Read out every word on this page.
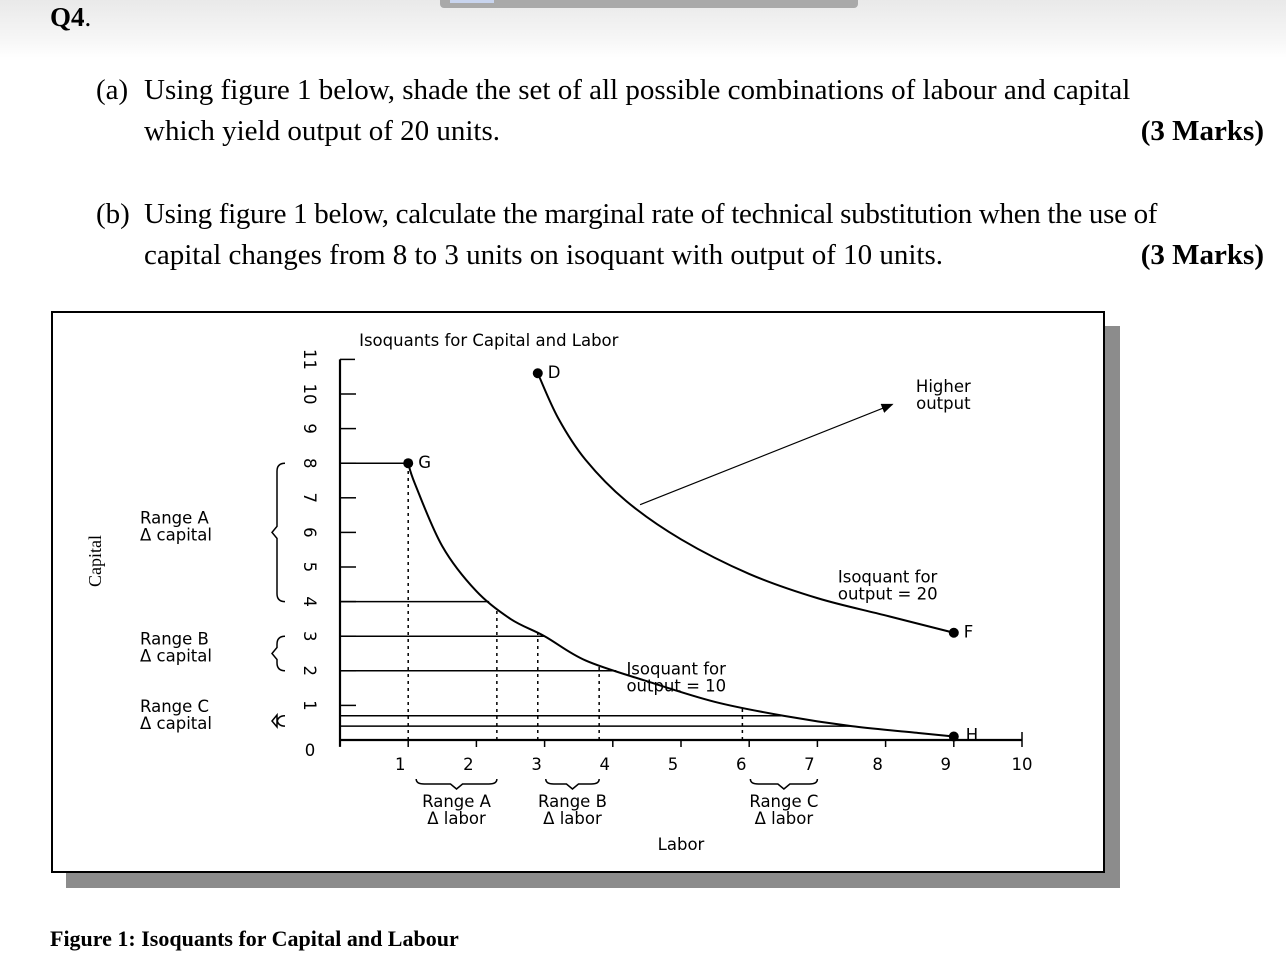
Q4.
(a) Using figure 1 below, shade the set of all possible combinations of labour and capital
which yield output of 20 units.	(3 Marks)
(b) Using figure 1 below, calculate the marginal rate of technical substitution when the use of
capital changes from 8 to 3 units on isoquant with output of 10 units.	(3 Marks)
Isoquants for Capital and Labor
0
1
2
3
4
5
6
7
8
9
10
11
1	2	3	4	5	6	7	8	9	10
Labor
Capital
G
D
F
H
Isoquant for
output = 10
Isoquant for
output = 20
Higher
output
Range A
Δ capital
Range B
Δ capital
Range C
Δ capital
Range A
Δ labor
Range B
Δ labor
Range C
Δ labor
Figure 1: Isoquants for Capital and Labour
